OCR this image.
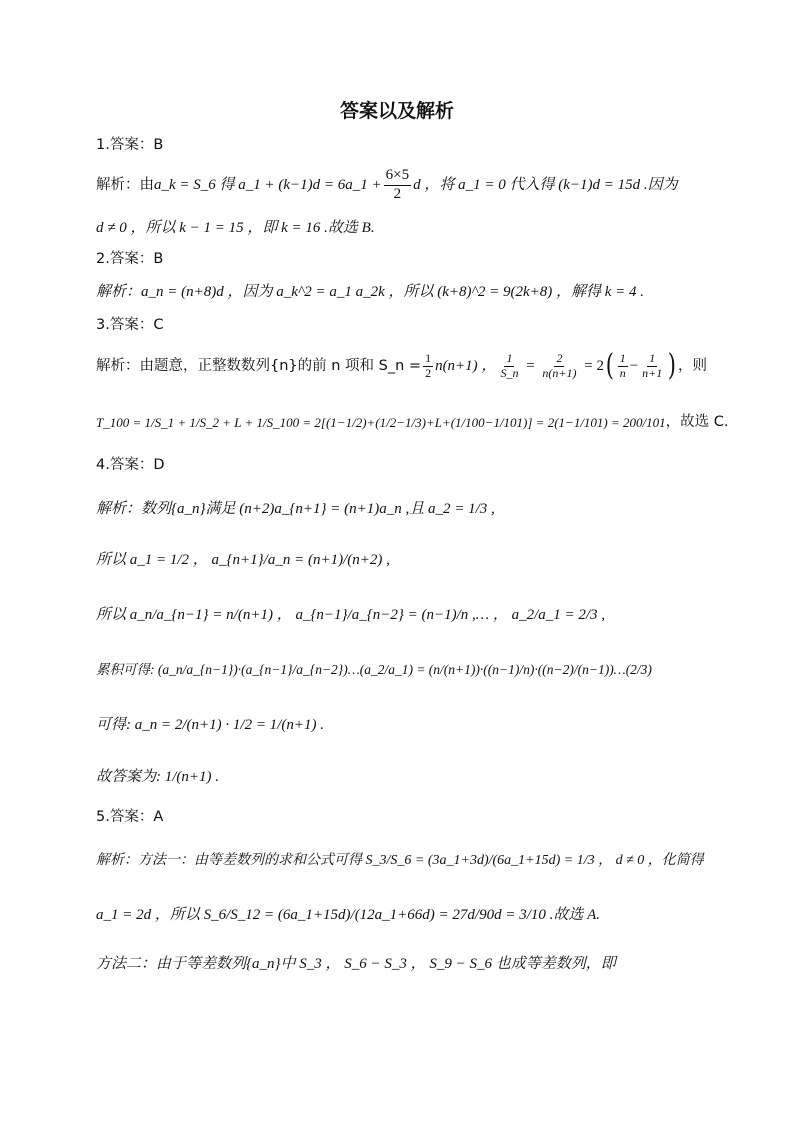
答案以及解析
1.答案：B
解析：由 a_k = S_6 得 a_1 + (k−1)d = 6a_1 + $\frac{6\times 5}{2}$ d ，将 a_1 = 0 代入得 (k−1)d = 15d .因为
d ≠ 0 ，所以 k − 1 = 15 ，即 k = 16 .故选 B.
2.答案：B
解析：a_n = (n+8)d ，因为 a_k^2 = a_1 a_2k ，所以 (k+8)^2 = 9(2k+8) ，解得 k = 4 .
3.答案：C
解析：由题意，正整数数列{n}的前 n 项和 S_n = $\frac{1}{2} n(n+1)$ ， $\frac{1}{S\_n} = \frac{2}{n(n+1)} = 2$ ( $\frac{1}{n} - \frac{1}{n+1}$ ) ，则
T_100 = 1/S_1 + 1/S_2 + L + 1/S_100 = 2[(1−1/2)+(1/2−1/3)+L+(1/100−1/101)] = 2(1−1/101) = 200/101 ，故选 C.
4.答案：D
解析：数列{a_n}满足 (n+2)a_{n+1} = (n+1)a_n ,且 a_2 = 1/3 ,
所以 a_1 = 1/2 ， a_{n+1}/a_n = (n+1)/(n+2) ,
所以 a_n/a_{n−1} = n/(n+1) ， a_{n−1}/a_{n−2} = (n−1)/n ,… ， a_2/a_1 = 2/3 ,
累积可得: (a_n/a_{n−1})·(a_{n−1}/a_{n−2})…(a_2/a_1) = (n/(n+1))·((n−1)/n)·((n−2)/(n−1))…(2/3)
可得: a_n = 2/(n+1) · 1/2 = 1/(n+1) .
故答案为: 1/(n+1) .
5.答案：A
解析：方法一：由等差数列的求和公式可得 S_3/S_6 = (3a_1+3d)/(6a_1+15d) = 1/3 ， d ≠ 0 ，化简得
a_1 = 2d ，所以 S_6/S_12 = (6a_1+15d)/(12a_1+66d) = 27d/90d = 3/10 .故选 A.
方法二：由于等差数列{a_n}中 S_3 ， S_6 − S_3 ， S_9 − S_6 也成等差数列，即
